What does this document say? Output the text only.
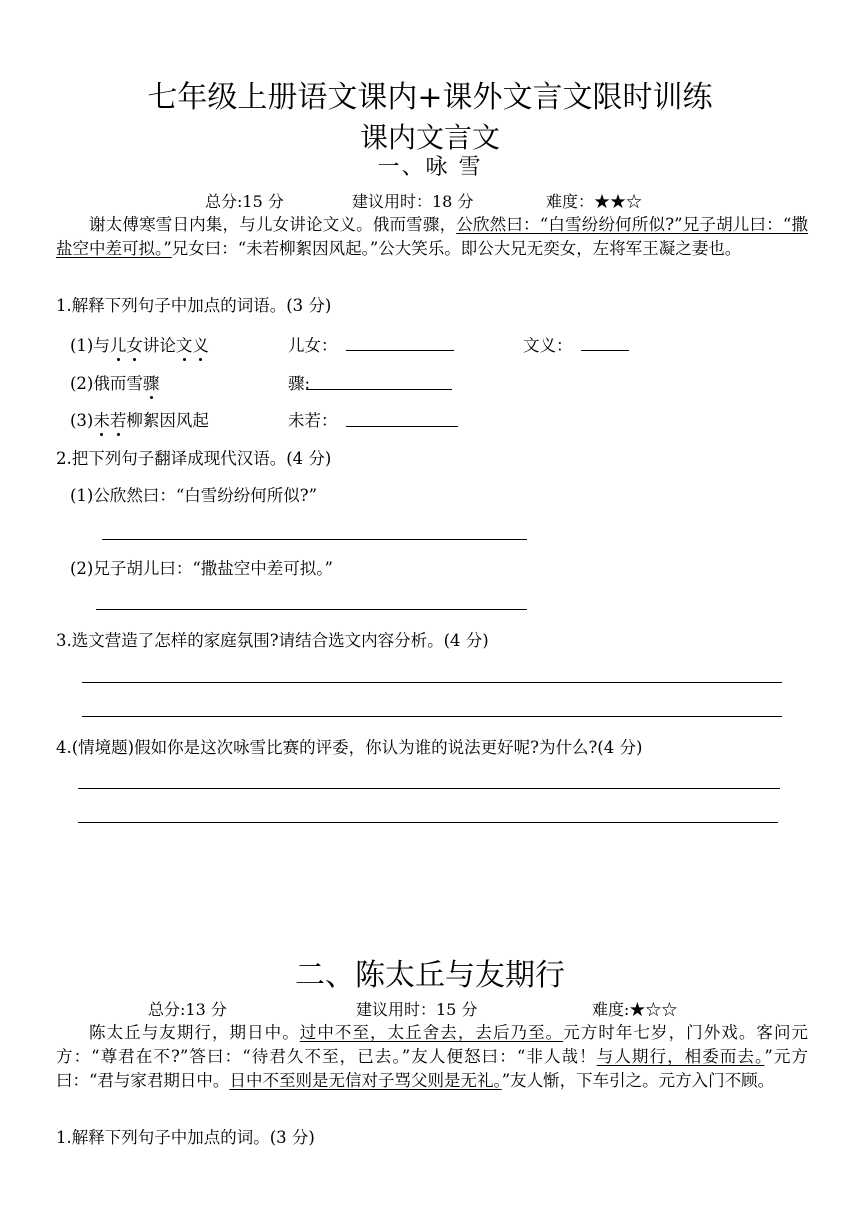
七年级上册语文课内+课外文言文限时训练
课内文言文
一、咏 雪
总分:15 分	建议用时：18 分	难度：★★☆
谢太傅寒雪日内集，与儿女讲论文义。俄而雪骤，公欣然曰：“白雪纷纷何所似?”兄子胡儿曰：“撒盐空中差可拟。”兄女曰：“未若柳絮因风起。”公大笑乐。即公大兄无奕女，左将军王凝之妻也。
1.解释下列句子中加点的词语。(3 分)
(1)与儿女讲论文义	儿女：	文义：
(2)俄而雪骤	骤:
(3)未若柳絮因风起	未若：
2.把下列句子翻译成现代汉语。(4 分)
(1)公欣然曰：“白雪纷纷何所似?”
(2)兄子胡儿曰：“撒盐空中差可拟。”
3.选文营造了怎样的家庭氛围?请结合选文内容分析。(4 分)
4.(情境题)假如你是这次咏雪比赛的评委，你认为谁的说法更好呢?为什么?(4 分)
二、陈太丘与友期行
总分:13 分	建议用时：15 分	难度:★☆☆
陈太丘与友期行，期日中。过中不至，太丘舍去，去后乃至。元方时年七岁，门外戏。客问元方：“尊君在不?”答曰：“待君久不至，已去。”友人便怒曰：“非人哉！与人期行，相委而去。”元方曰：“君与家君期日中。日中不至则是无信对子骂父则是无礼。”友人惭，下车引之。元方入门不顾。
1.解释下列句子中加点的词。(3 分)
